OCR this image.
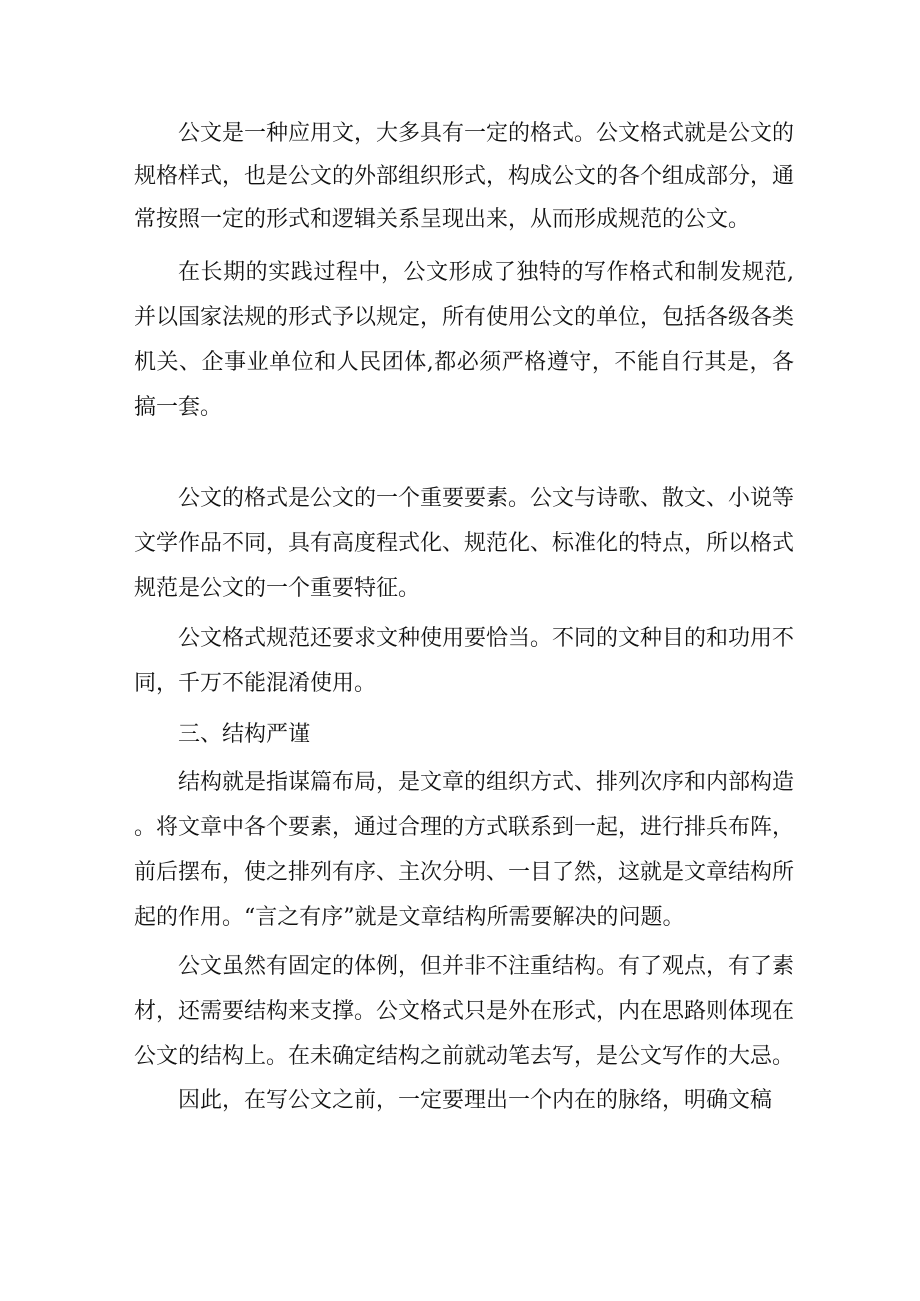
公文是一种应用文，大多具有一定的格式。公文格式就是公文的规格样式，也是公文的外部组织形式，构成公文的各个组成部分，通常按照一定的形式和逻辑关系呈现出来，从而形成规范的公文。

在长期的实践过程中，公文形成了独特的写作格式和制发规范,并以国家法规的形式予以规定，所有使用公文的单位，包括各级各类机关、企事业单位和人民团体,都必须严格遵守，不能自行其是，各搞一套。

公文的格式是公文的一个重要要素。公文与诗歌、散文、小说等文学作品不同，具有高度程式化、规范化、标准化的特点，所以格式规范是公文的一个重要特征。

公文格式规范还要求文种使用要恰当。不同的文种目的和功用不同，千万不能混淆使用。

三、结构严谨

结构就是指谋篇布局，是文章的组织方式、排列次序和内部构造。将文章中各个要素，通过合理的方式联系到一起，进行排兵布阵，前后摆布，使之排列有序、主次分明、一目了然，这就是文章结构所起的作用。“言之有序”就是文章结构所需要解决的问题。

公文虽然有固定的体例，但并非不注重结构。有了观点，有了素材，还需要结构来支撑。公文格式只是外在形式，内在思路则体现在公文的结构上。在未确定结构之前就动笔去写，是公文写作的大忌。

因此，在写公文之前，一定要理出一个内在的脉络，明确文稿
